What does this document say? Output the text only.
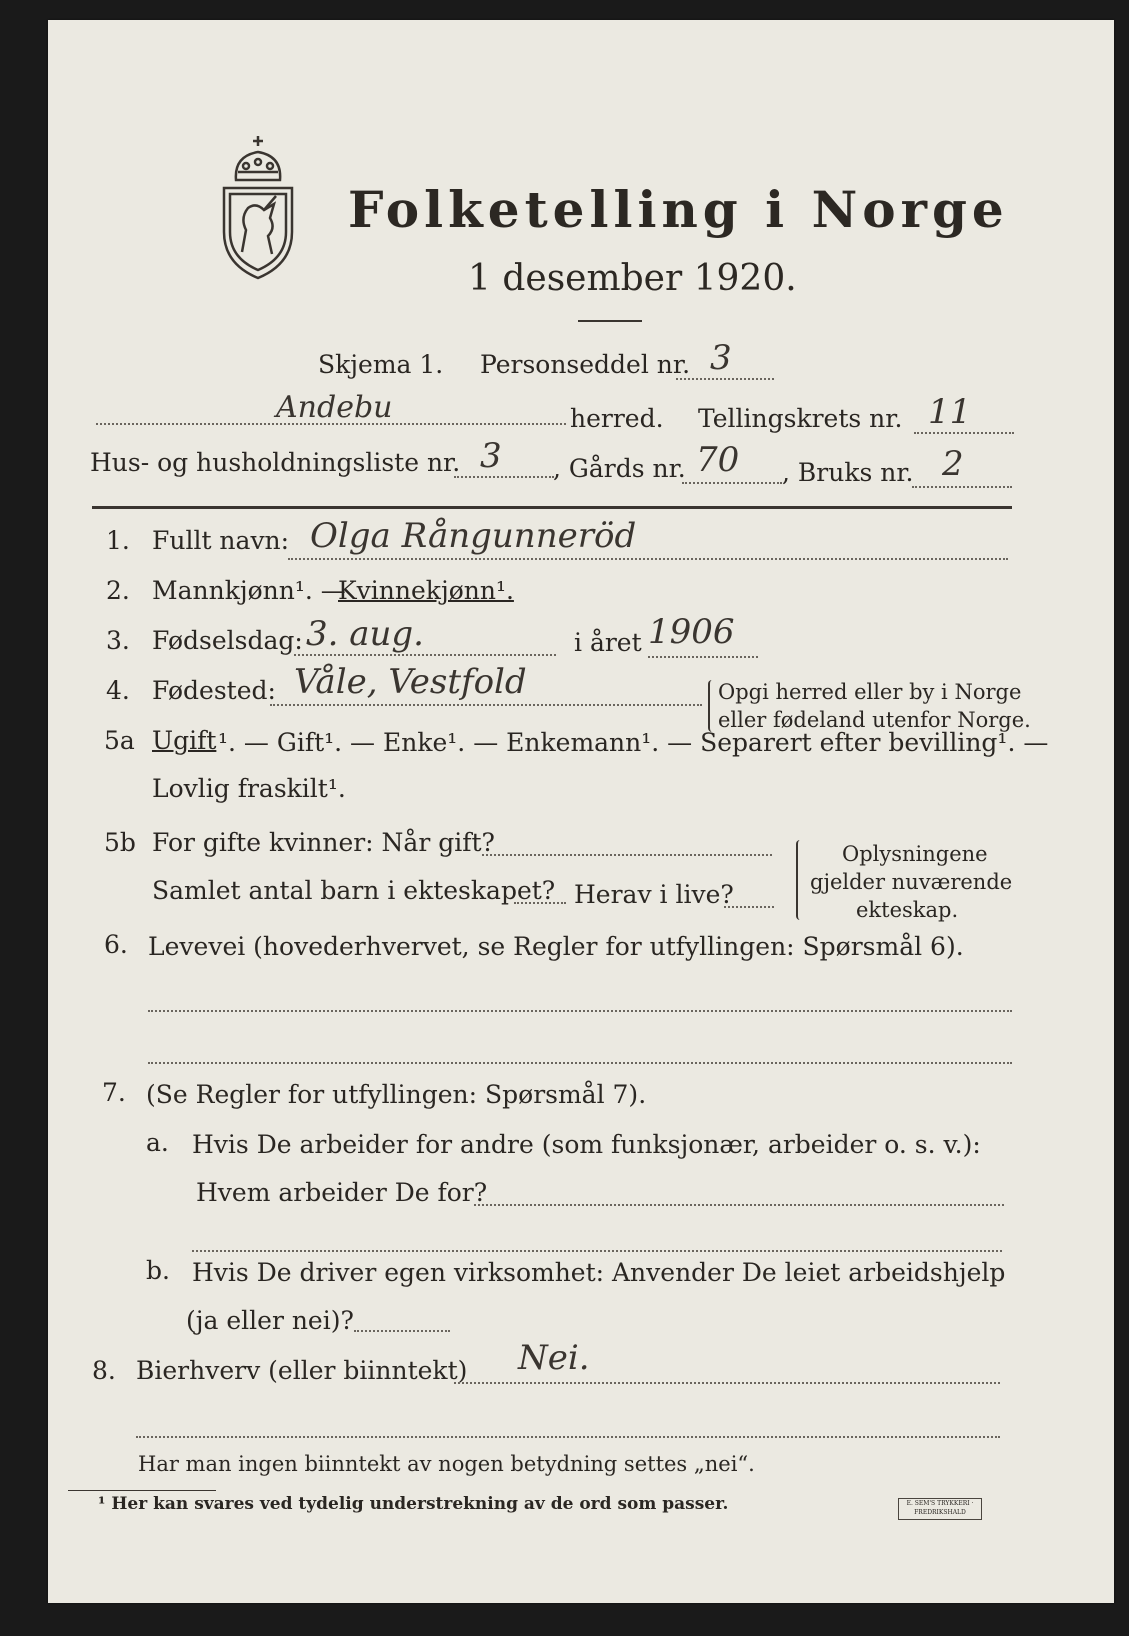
Folketelling i Norge
1 desember 1920.
Skjema 1. Personseddel nr. 3
Andebu	herred. Tellingskrets nr. 11
Hus- og husholdningsliste nr. 3 , Gårds nr. 70 , Bruks nr. 2
1. Fullt navn: Olga Rångunneröd
2. Mannkjønn¹. —
Kvinnekjønn¹.
3. Fødselsdag: 3. aug.	i året 1906
4. Fødested: Våle, Vestfold	Opgi herred eller by i Norge
eller fødeland utenfor Norge.
5a Ugift ¹. — Gift¹. — Enke¹. — Enkemann¹. — Separert efter bevilling¹. —
Lovlig fraskilt¹.
5b For gifte kvinner: Når gift?
Samlet antal barn i ekteskapet? Herav i live?
Oplysningene
gjelder nuværende
ekteskap.
6. Levevei (hovederhvervet, se Regler for utfyllingen: Spørsmål 6).
7. (Se Regler for utfyllingen: Spørsmål 7).
a. Hvis De arbeider for andre (som funksjonær, arbeider o. s. v.):
Hvem arbeider De for?
b. Hvis De driver egen virksomhet: Anvender De leiet arbeidshjelp
(ja eller nei)?
8. Bierhverv (eller biinntekt) Nei.
Har man ingen biinntekt av nogen betydning settes „nei“.
¹ Her kan svares ved tydelig understrekning av de ord som passer.	E. SEM'S TRYKKERI · FREDRIKSHALD
